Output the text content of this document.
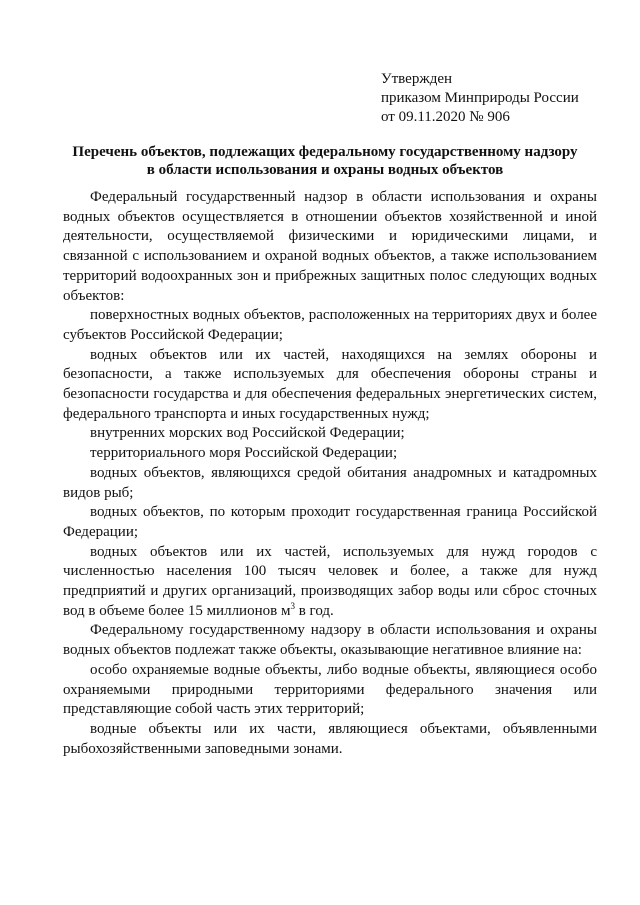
Утвержден
приказом Минприроды России
от 09.11.2020 № 906
Перечень объектов, подлежащих федеральному государственному надзору
в области использования и охраны водных объектов

Федеральный государственный надзор в области использования и охраны водных объектов осуществляется в отношении объектов хозяйственной и иной деятельности, осуществляемой физическими и юридическими лицами, и связанной с использованием и охраной водных объектов, а также использованием территорий водоохранных зон и прибрежных защитных полос следующих водных объектов:

поверхностных водных объектов, расположенных на территориях двух и более субъектов Российской Федерации;

водных объектов или их частей, находящихся на землях обороны и безопасности, а также используемых для обеспечения обороны страны и безопасности государства и для обеспечения федеральных энергетических систем, федерального транспорта и иных государственных нужд;

внутренних морских вод Российской Федерации;

территориального моря Российской Федерации;

водных объектов, являющихся средой обитания анадромных и катадромных видов рыб;

водных объектов, по которым проходит государственная граница Российской Федерации;

водных объектов или их частей, используемых для нужд городов с численностью населения 100 тысяч человек и более, а также для нужд предприятий и других организаций, производящих забор воды или сброс сточных вод в объеме более 15 миллионов $м^3$ в год.

Федеральному государственному надзору в области использования и охраны водных объектов подлежат также объекты, оказывающие негативное влияние на:

особо охраняемые водные объекты, либо водные объекты, являющиеся особо охраняемыми природными территориями федерального значения или представляющие собой часть этих территорий;

водные объекты или их части, являющиеся объектами, объявленными рыбохозяйственными заповедными зонами.
